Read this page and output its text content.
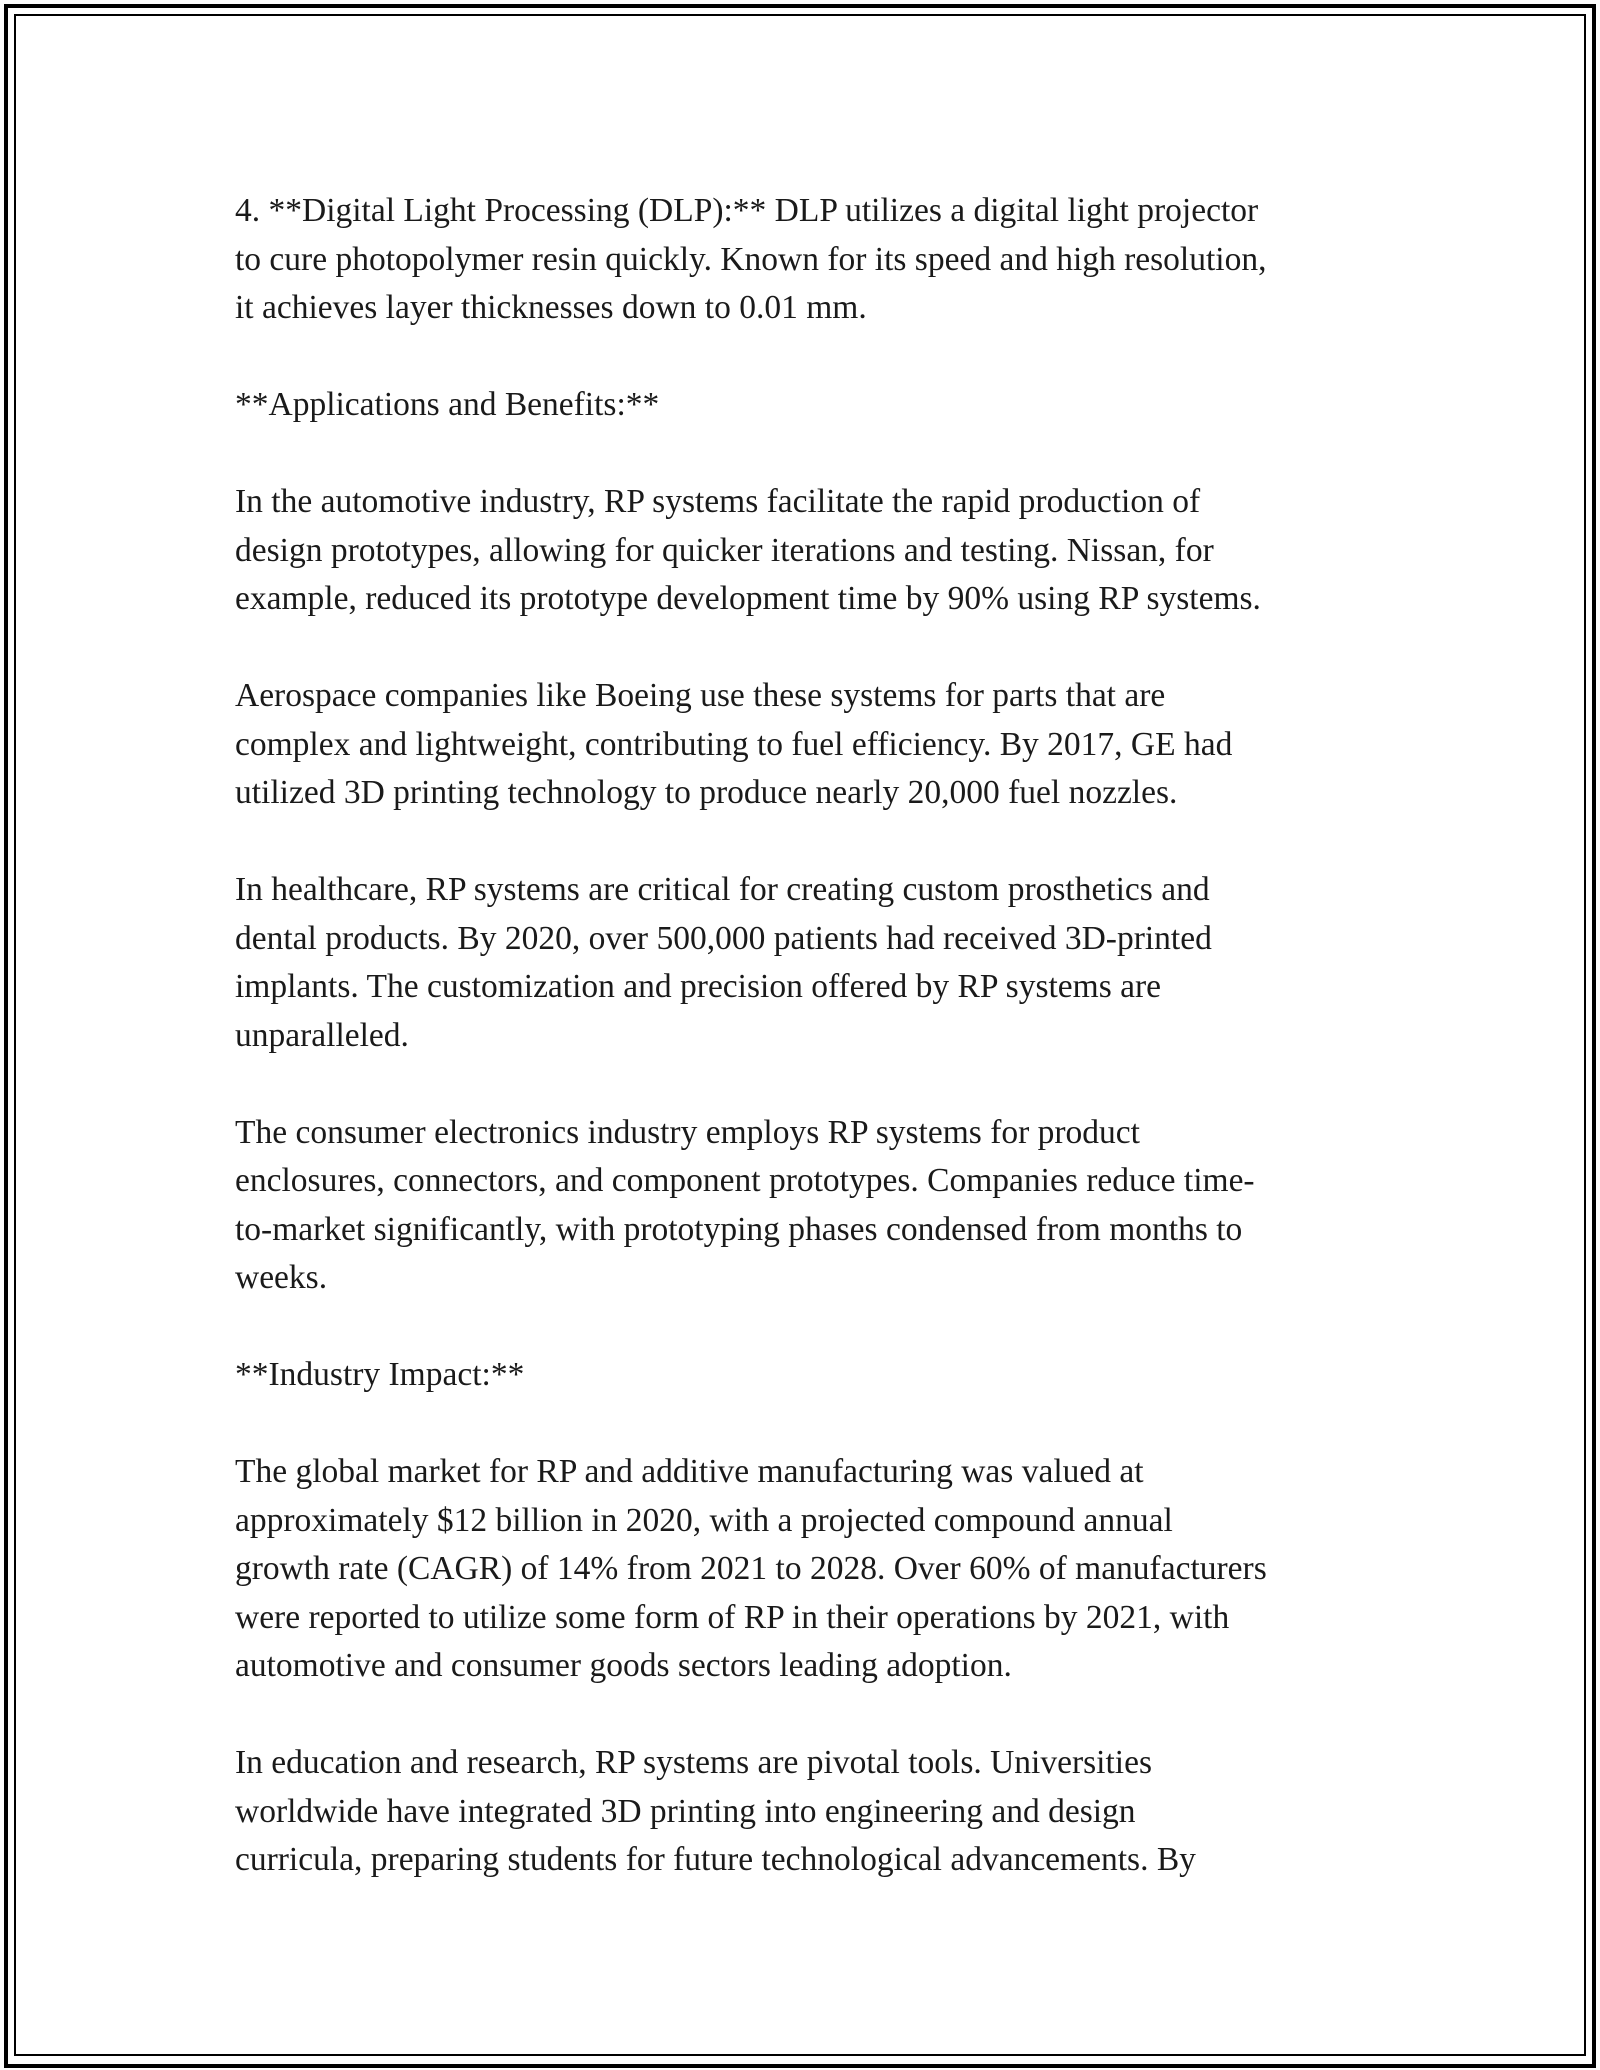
4. **Digital Light Processing (DLP):** DLP utilizes a digital light projector
to cure photopolymer resin quickly. Known for its speed and high resolution,
it achieves layer thicknesses down to 0.01 mm.

**Applications and Benefits:**

In the automotive industry, RP systems facilitate the rapid production of
design prototypes, allowing for quicker iterations and testing. Nissan, for
example, reduced its prototype development time by 90% using RP systems.

Aerospace companies like Boeing use these systems for parts that are
complex and lightweight, contributing to fuel efficiency. By 2017, GE had
utilized 3D printing technology to produce nearly 20,000 fuel nozzles.

In healthcare, RP systems are critical for creating custom prosthetics and
dental products. By 2020, over 500,000 patients had received 3D-printed
implants. The customization and precision offered by RP systems are
unparalleled.

The consumer electronics industry employs RP systems for product
enclosures, connectors, and component prototypes. Companies reduce time-
to-market significantly, with prototyping phases condensed from months to
weeks.

**Industry Impact:**

The global market for RP and additive manufacturing was valued at
approximately $12 billion in 2020, with a projected compound annual
growth rate (CAGR) of 14% from 2021 to 2028. Over 60% of manufacturers
were reported to utilize some form of RP in their operations by 2021, with
automotive and consumer goods sectors leading adoption.

In education and research, RP systems are pivotal tools. Universities
worldwide have integrated 3D printing into engineering and design
curricula, preparing students for future technological advancements. By
